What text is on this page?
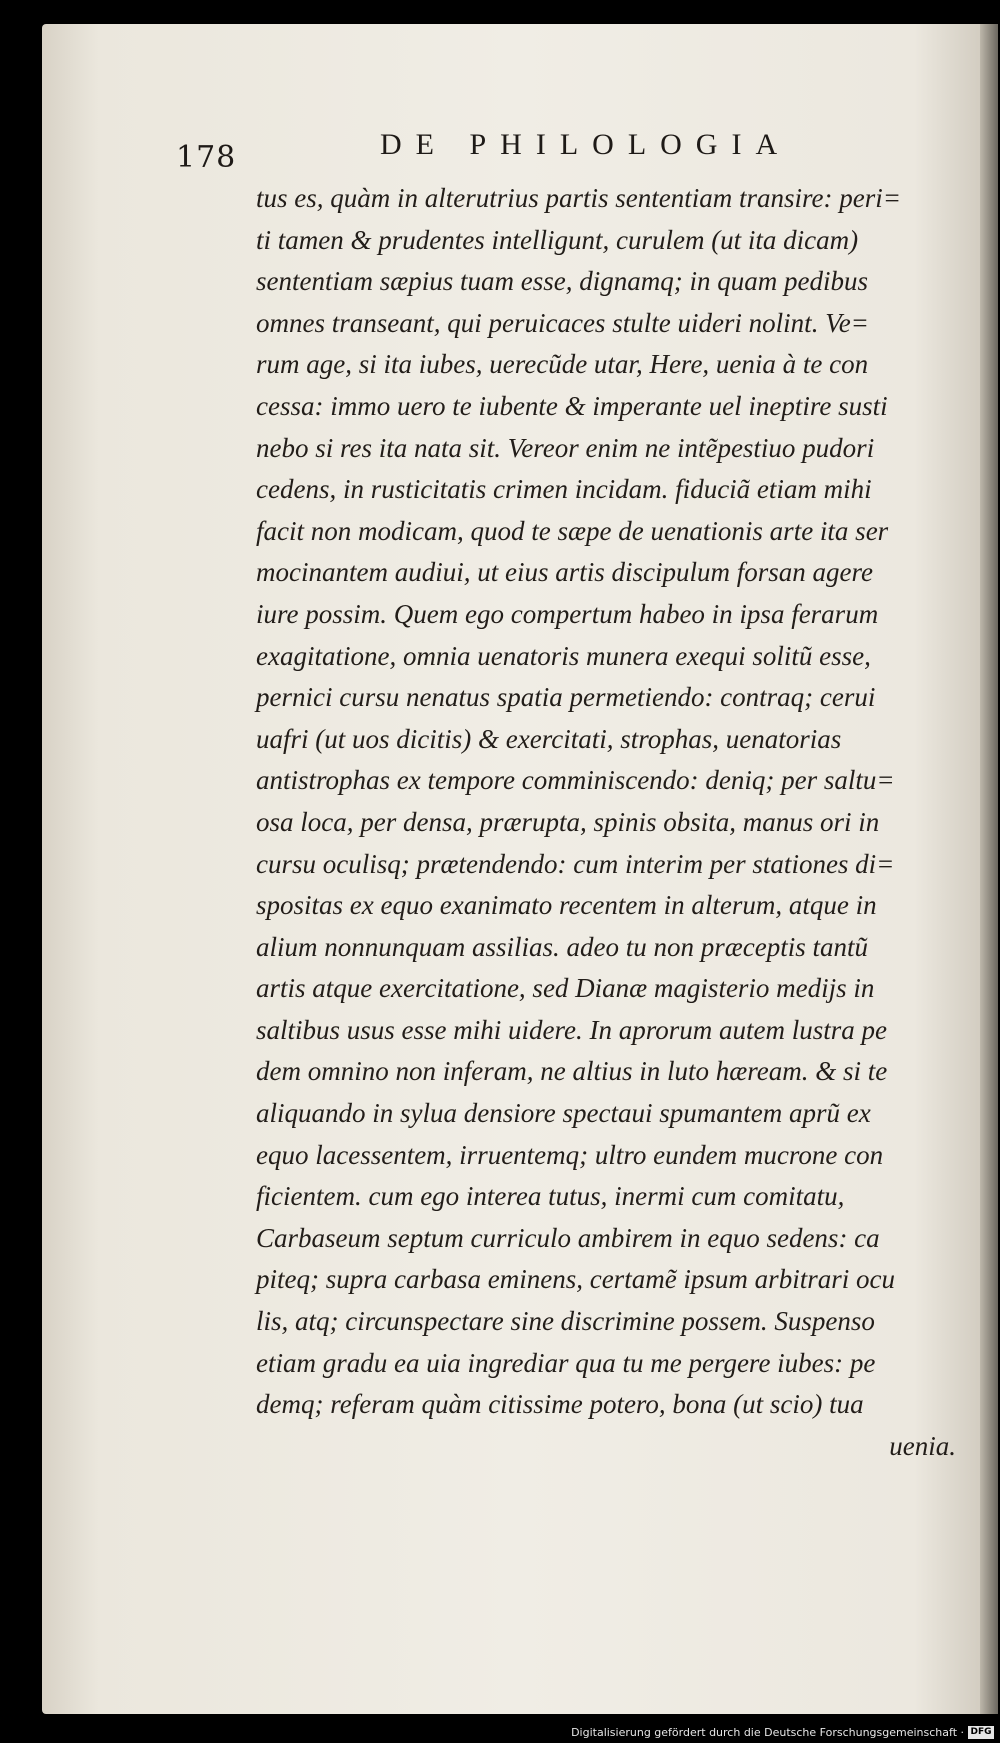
178	DE PHILOLOGIA
tus es, quàm in alterutrius partis sententiam transire: peri=
ti tamen & prudentes intelligunt, curulem (ut ita dicam)
sententiam sæpius tuam esse, dignamq; in quam pedibus
omnes transeant, qui peruicaces stulte uideri nolint. Ve=
rum age, si ita iubes, uerecũde utar, Here, uenia à te con
cessa: immo uero te iubente & imperante uel ineptire susti
nebo si res ita nata sit. Vereor enim ne intẽpestiuo pudori
cedens, in rusticitatis crimen incidam. fiduciã etiam mihi
facit non modicam, quod te sæpe de uenationis arte ita ser
mocinantem audiui, ut eius artis discipulum forsan agere
iure possim. Quem ego compertum habeo in ipsa ferarum
exagitatione, omnia uenatoris munera exequi solitũ esse,
pernici cursu nenatus spatia permetiendo: contraq; cerui
uafri (ut uos dicitis) & exercitati, strophas, uenatorias
antistrophas ex tempore comminiscendo: deniq; per saltu=
osa loca, per densa, prærupta, spinis obsita, manus ori in
cursu oculisq; prætendendo: cum interim per stationes di=
spositas ex equo exanimato recentem in alterum, atque in
alium nonnunquam assilias. adeo tu non præceptis tantũ
artis atque exercitatione, sed Dianæ magisterio medijs in
saltibus usus esse mihi uidere. In aprorum autem lustra pe
dem omnino non inferam, ne altius in luto hæream. & si te
aliquando in sylua densiore spectaui spumantem aprũ ex
equo lacessentem, irruentemq; ultro eundem mucrone con
ficientem. cum ego interea tutus, inermi cum comitatu,
Carbaseum septum curriculo ambirem in equo sedens: ca
piteq; supra carbasa eminens, certamẽ ipsum arbitrari ocu
lis, atq; circunspectare sine discrimine possem. Suspenso
etiam gradu ea uia ingrediar qua tu me pergere iubes: pe
demq; referam quàm citissime potero, bona (ut scio) tua
uenia.
Digitalisierung gefördert durch die Deutsche Forschungsgemeinschaft · DFG
